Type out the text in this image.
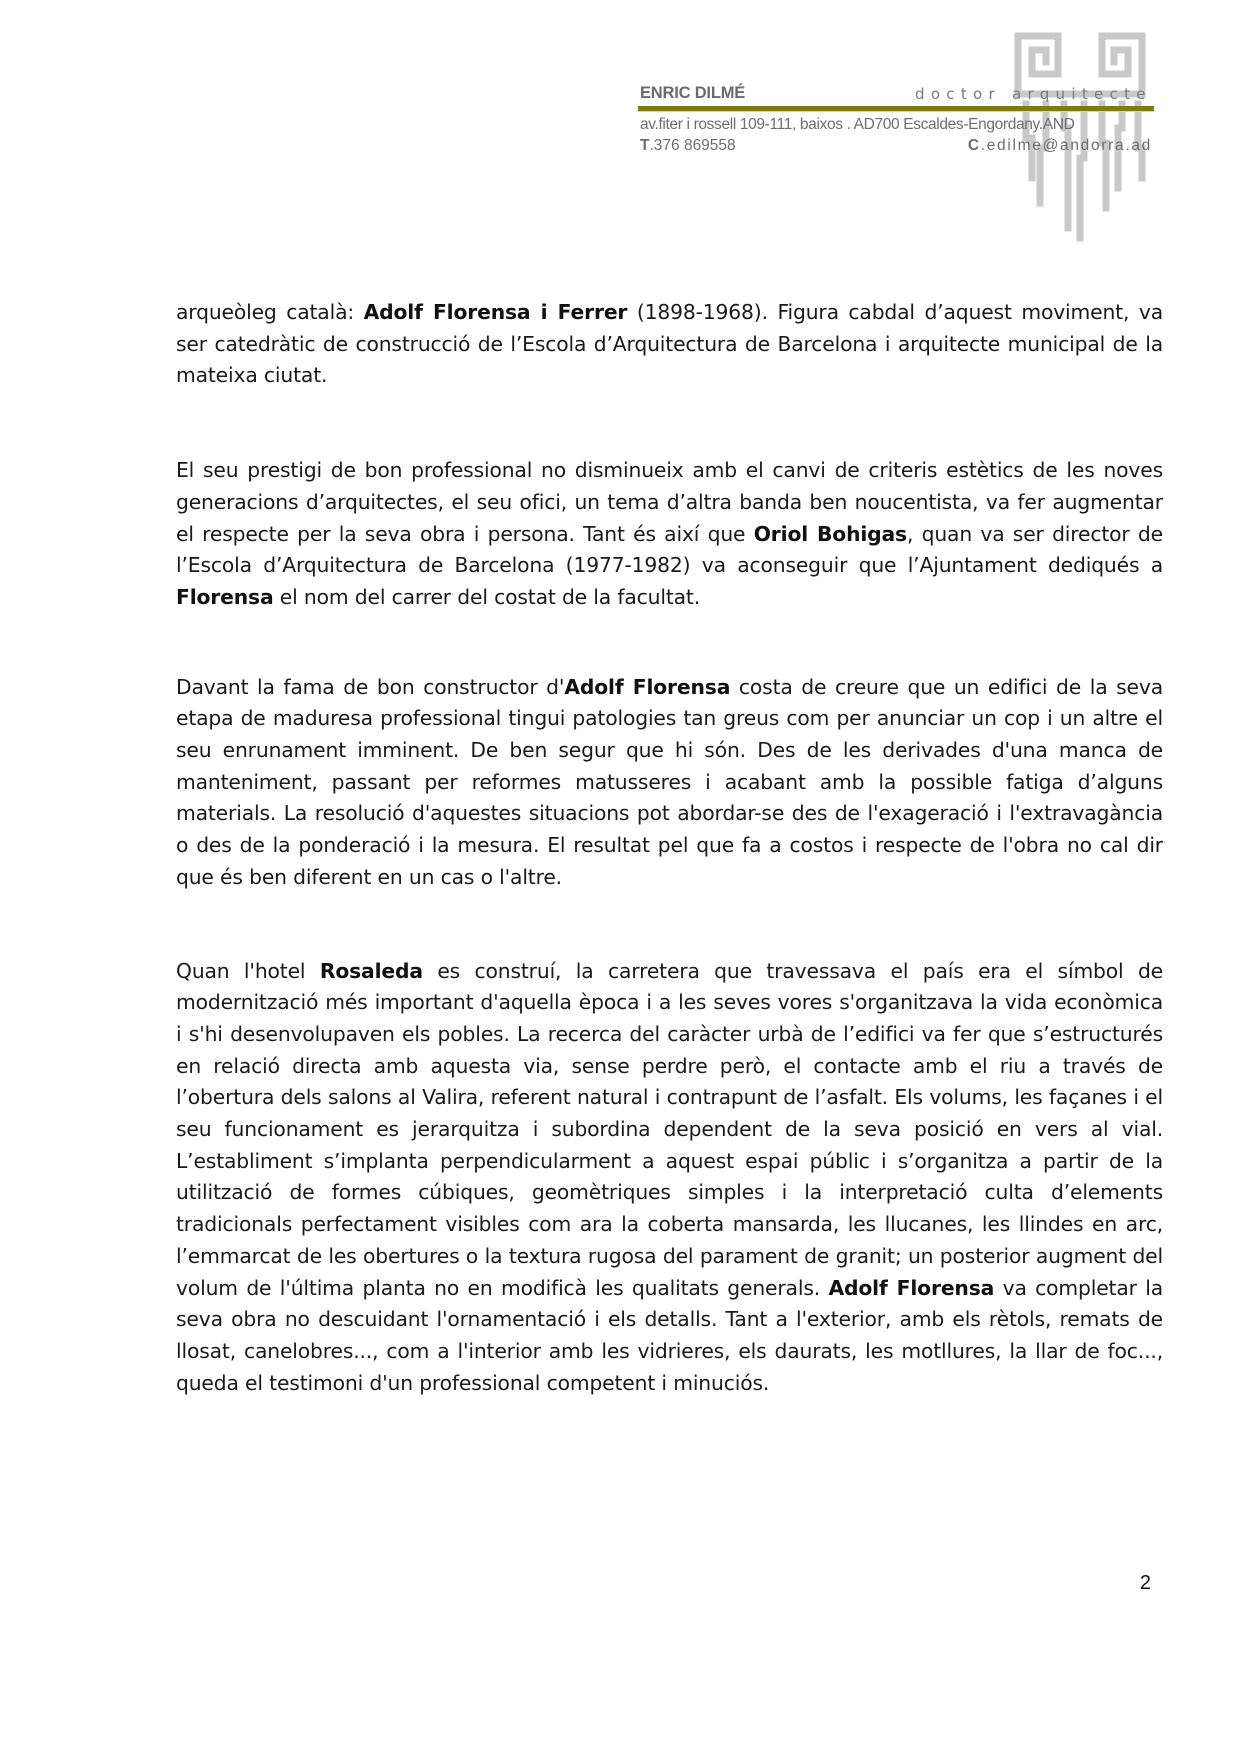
ENRIC DILMÉ	doctor arquitecte
av.fiter i rossell 109-111, baixos . AD700 Escaldes-Engordany.AND
T.376 869558	C.edilme@andorra.ad

arqueòleg català: Adolf Florensa i Ferrer (1898-1968). Figura cabdal d’aquest moviment, va ser catedràtic de construcció de l’Escola d’Arquitectura de Barcelona i arquitecte municipal de la mateixa ciutat.

El seu prestigi de bon professional no disminueix amb el canvi de criteris estètics de les noves generacions d’arquitectes, el seu ofici, un tema d’altra banda ben noucentista, va fer augmentar el respecte per la seva obra i persona. Tant és així que Oriol Bohigas, quan va ser director de l’Escola d’Arquitectura de Barcelona (1977-1982) va aconseguir que l’Ajuntament dediqués a Florensa el nom del carrer del costat de la facultat.

Davant la fama de bon constructor d'Adolf Florensa costa de creure que un edifici de la seva etapa de maduresa professional tingui patologies tan greus com per anunciar un cop i un altre el seu enrunament imminent. De ben segur que hi són. Des de les derivades d'una manca de manteniment, passant per reformes matusseres i acabant amb la possible fatiga d’alguns materials. La resolució d'aquestes situacions pot abordar-se des de l'exageració i l'extravagància o des de la ponderació i la mesura. El resultat pel que fa a costos i respecte de l'obra no cal dir que és ben diferent en un cas o l'altre.

Quan l'hotel Rosaleda es construí, la carretera que travessava el país era el símbol de modernització més important d'aquella època i a les seves vores s'organitzava la vida econòmica i s'hi desenvolupaven els pobles. La recerca del caràcter urbà de l’edifici va fer que s’estructurés en relació directa amb aquesta via, sense perdre però, el contacte amb el riu a través de l’obertura dels salons al Valira, referent natural i contrapunt de l’asfalt. Els volums, les façanes i el seu funcionament es jerarquitza i subordina dependent de la seva posició en vers al vial. L’establiment s’implanta perpendicularment a aquest espai públic i s’organitza a partir de la utilització de formes cúbiques, geomètriques simples i la interpretació culta d’elements tradicionals perfectament visibles com ara la coberta mansarda, les llucanes, les llindes en arc, l’emmarcat de les obertures o la textura rugosa del parament de granit; un posterior augment del volum de l'última planta no en modificà les qualitats generals. Adolf Florensa va completar la seva obra no descuidant l'ornamentació i els detalls. Tant a l'exterior, amb els rètols, remats de llosat, canelobres..., com a l'interior amb les vidrieres, els daurats, les motllures, la llar de foc..., queda el testimoni d'un professional competent i minuciós.

2
